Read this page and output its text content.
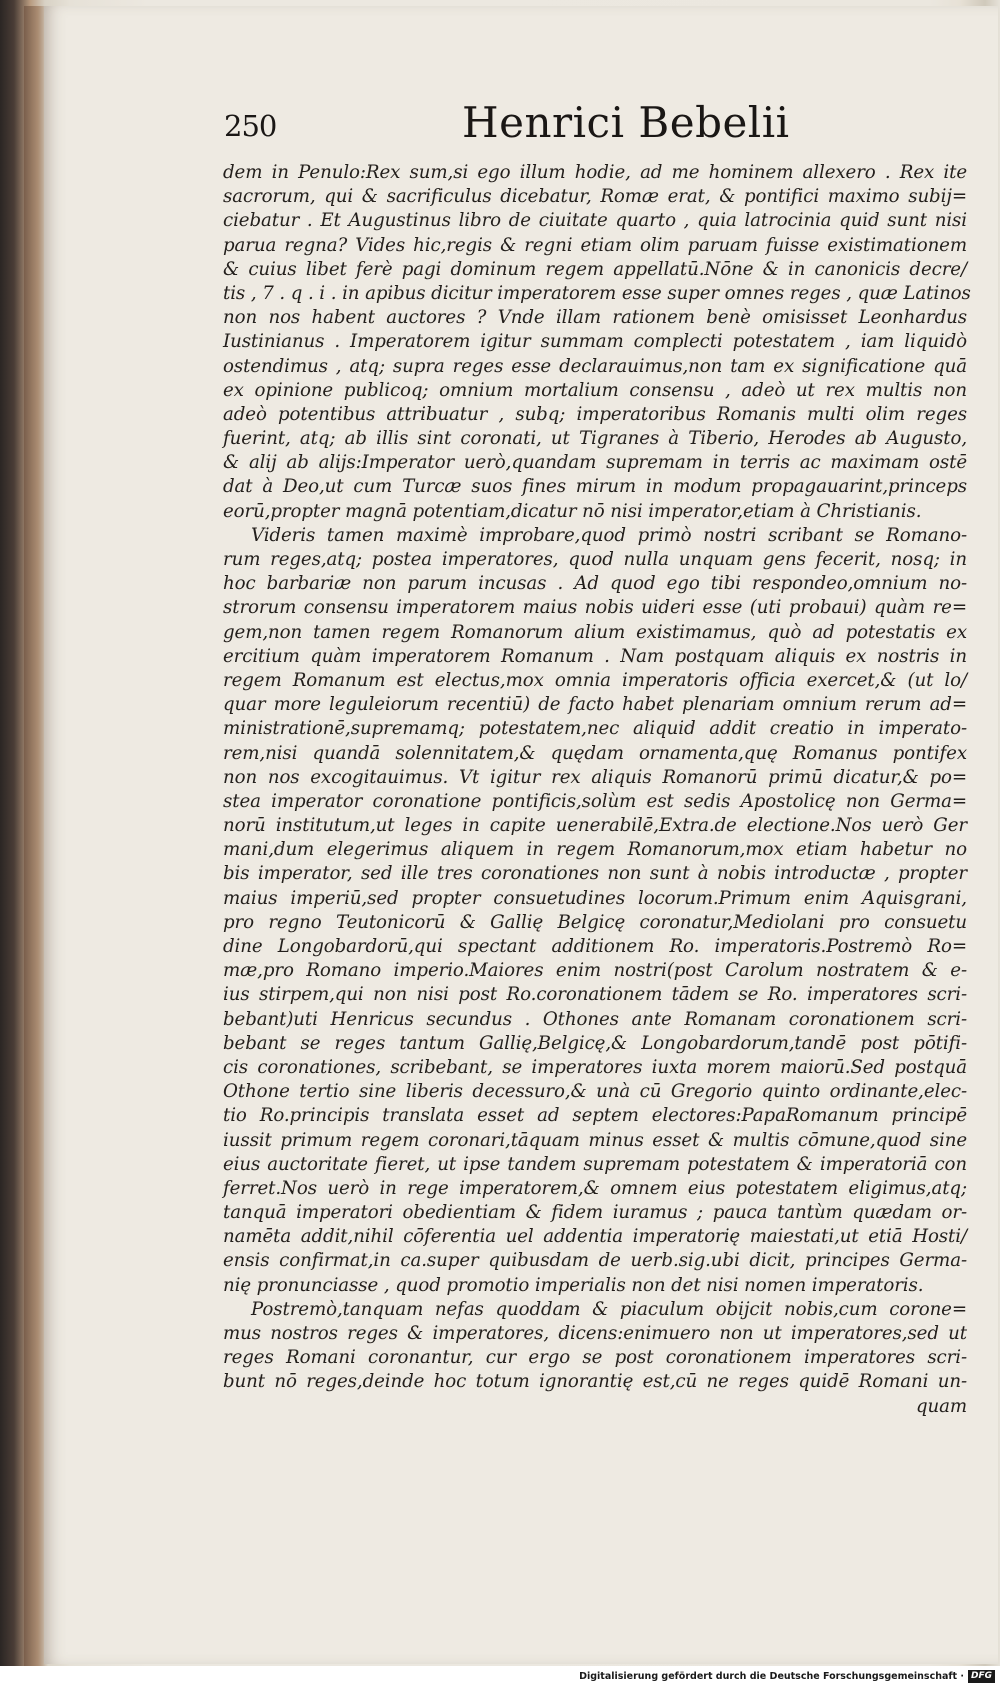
250	Henrici Bebelii
dem in Penulo:Rex sum,si ego illum hodie, ad me hominem allexero . Rex ite
sacrorum, qui & sacrificulus dicebatur, Romæ erat, & pontifici maximo subij=
ciebatur . Et Augustinus libro de ciuitate quarto , quia latrocinia quid sunt nisi
parua regna? Vides hic,regis & regni etiam olim paruam fuisse existimationem
& cuius libet ferè pagi dominum regem appellatū.Nōne & in canonicis decre/
tis , 7 . q . i . in apibus dicitur imperatorem esse super omnes reges , quæ Latinos
non nos habent auctores ? Vnde illam rationem benè omisisset Leonhardus
Iustinianus . Imperatorem igitur summam complecti potestatem , iam liquidò
ostendimus , atq; supra reges esse declarauimus,non tam ex significatione quā
ex opinione publicoq; omnium mortalium consensu , adeò ut rex multis non
adeò potentibus attribuatur , subq; imperatoribus Romanis multi olim reges
fuerint, atq; ab illis sint coronati, ut Tigranes à Tiberio, Herodes ab Augusto,
& alij ab alijs:Imperator uerò,quandam supremam in terris ac maximam ostē
dat à Deo,ut cum Turcæ suos fines mirum in modum propagauarint,princeps
eorū,propter magnā potentiam,dicatur nō nisi imperator,etiam à Christianis.
Videris tamen maximè improbare,quod primò nostri scribant se Romano-
rum reges,atq; postea imperatores, quod nulla unquam gens fecerit, nosq; in
hoc barbariæ non parum incusas . Ad quod ego tibi respondeo,omnium no-
strorum consensu imperatorem maius nobis uideri esse (uti probaui) quàm re=
gem,non tamen regem Romanorum alium existimamus, quò ad potestatis ex
ercitium quàm imperatorem Romanum . Nam postquam aliquis ex nostris in
regem Romanum est electus,mox omnia imperatoris officia exercet,& (ut lo/
quar more leguleiorum recentiū) de facto habet plenariam omnium rerum ad=
ministrationē,supremamq; potestatem,nec aliquid addit creatio in imperato-
rem,nisi quandā solennitatem,& quędam ornamenta,quę Romanus pontifex
non nos excogitauimus. Vt igitur rex aliquis Romanorū primū dicatur,& po=
stea imperator coronatione pontificis,solùm est sedis Apostolicę non Germa=
norū institutum,ut leges in capite uenerabilē,Extra.de electione.Nos uerò Ger
mani,dum elegerimus aliquem in regem Romanorum,mox etiam habetur no
bis imperator, sed ille tres coronationes non sunt à nobis introductæ , propter
maius imperiū,sed propter consuetudines locorum.Primum enim Aquisgrani,
pro regno Teutonicorū & Gallię Belgicę coronatur,Mediolani pro consuetu
dine Longobardorū,qui spectant additionem Ro. imperatoris.Postremò Ro=
mæ,pro Romano imperio.Maiores enim nostri(post Carolum nostratem & e-
ius stirpem,qui non nisi post Ro.coronationem tādem se Ro. imperatores scri-
bebant)uti Henricus secundus . Othones ante Romanam coronationem scri-
bebant se reges tantum Gallię,Belgicę,& Longobardorum,tandē post pōtifi-
cis coronationes, scribebant, se imperatores iuxta morem maiorū.Sed postquā
Othone tertio sine liberis decessuro,& unà cū Gregorio quinto ordinante,elec-
tio Ro.principis translata esset ad septem electores:PapaRomanum principē
iussit primum regem coronari,tāquam minus esset & multis cōmune,quod sine
eius auctoritate fieret, ut ipse tandem supremam potestatem & imperatoriā con
ferret.Nos uerò in rege imperatorem,& omnem eius potestatem eligimus,atq;
tanquā imperatori obedientiam & fidem iuramus ; pauca tantùm quædam or-
namēta addit,nihil cōferentia uel addentia imperatorię maiestati,ut etiā Hosti/
ensis confirmat,in ca.super quibusdam de uerb.sig.ubi dicit, principes Germa-
nię pronunciasse , quod promotio imperialis non det nisi nomen imperatoris.
Postremò,tanquam nefas quoddam & piaculum obijcit nobis,cum corone=
mus nostros reges & imperatores, dicens:enimuero non ut imperatores,sed ut
reges Romani coronantur, cur ergo se post coronationem imperatores scri-
bunt nō reges,deinde hoc totum ignorantię est,cū ne reges quidē Romani un-
quam
Digitalisierung gefördert durch die Deutsche Forschungsgemeinschaft · DFG
